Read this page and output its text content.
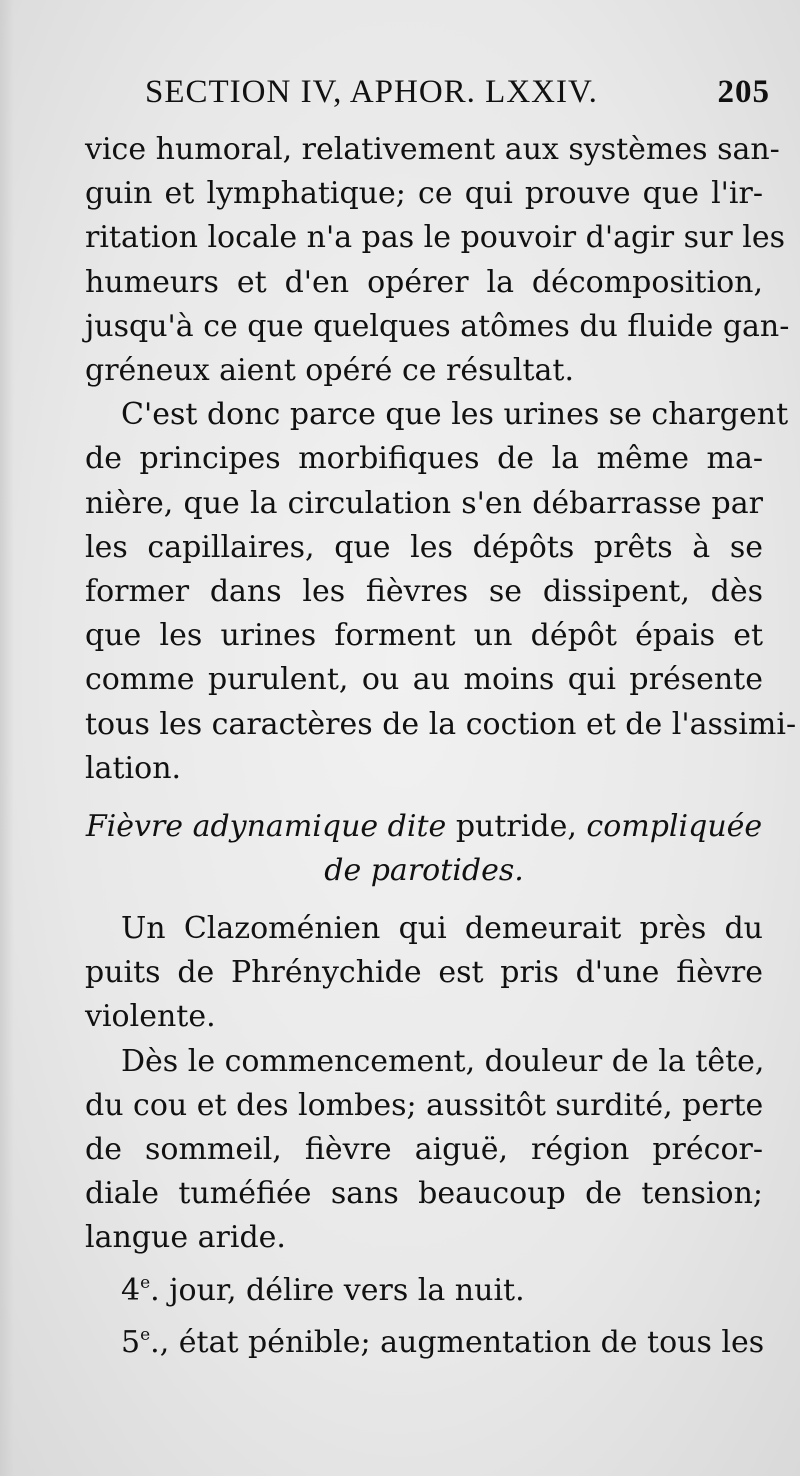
SECTION IV, APHOR. LXXIV.	205

vice humoral, relativement aux systèmes san-
guin et lymphatique; ce qui prouve que l'ir-
ritation locale n'a pas le pouvoir d'agir sur les
humeurs et d'en opérer la décomposition,
jusqu'à ce que quelques atômes du fluide gan-
gréneux aient opéré ce résultat.

C'est donc parce que les urines se chargent
de principes morbifiques de la même ma-
nière, que la circulation s'en débarrasse par
les capillaires, que les dépôts prêts à se
former dans les fièvres se dissipent, dès
que les urines forment un dépôt épais et
comme purulent, ou au moins qui présente
tous les caractères de la coction et de l'assimi-
lation.

Fièvre adynamique dite putride, compliquée
de parotides.

Un Clazoménien qui demeurait près du
puits de Phrénychide est pris d'une fièvre
violente.

Dès le commencement, douleur de la tête,
du cou et des lombes; aussitôt surdité, perte
de sommeil, fièvre aiguë, région précor-
diale tuméfiée sans beaucoup de tension;
langue aride.

4e. jour, délire vers la nuit.

5e., état pénible; augmentation de tous les
